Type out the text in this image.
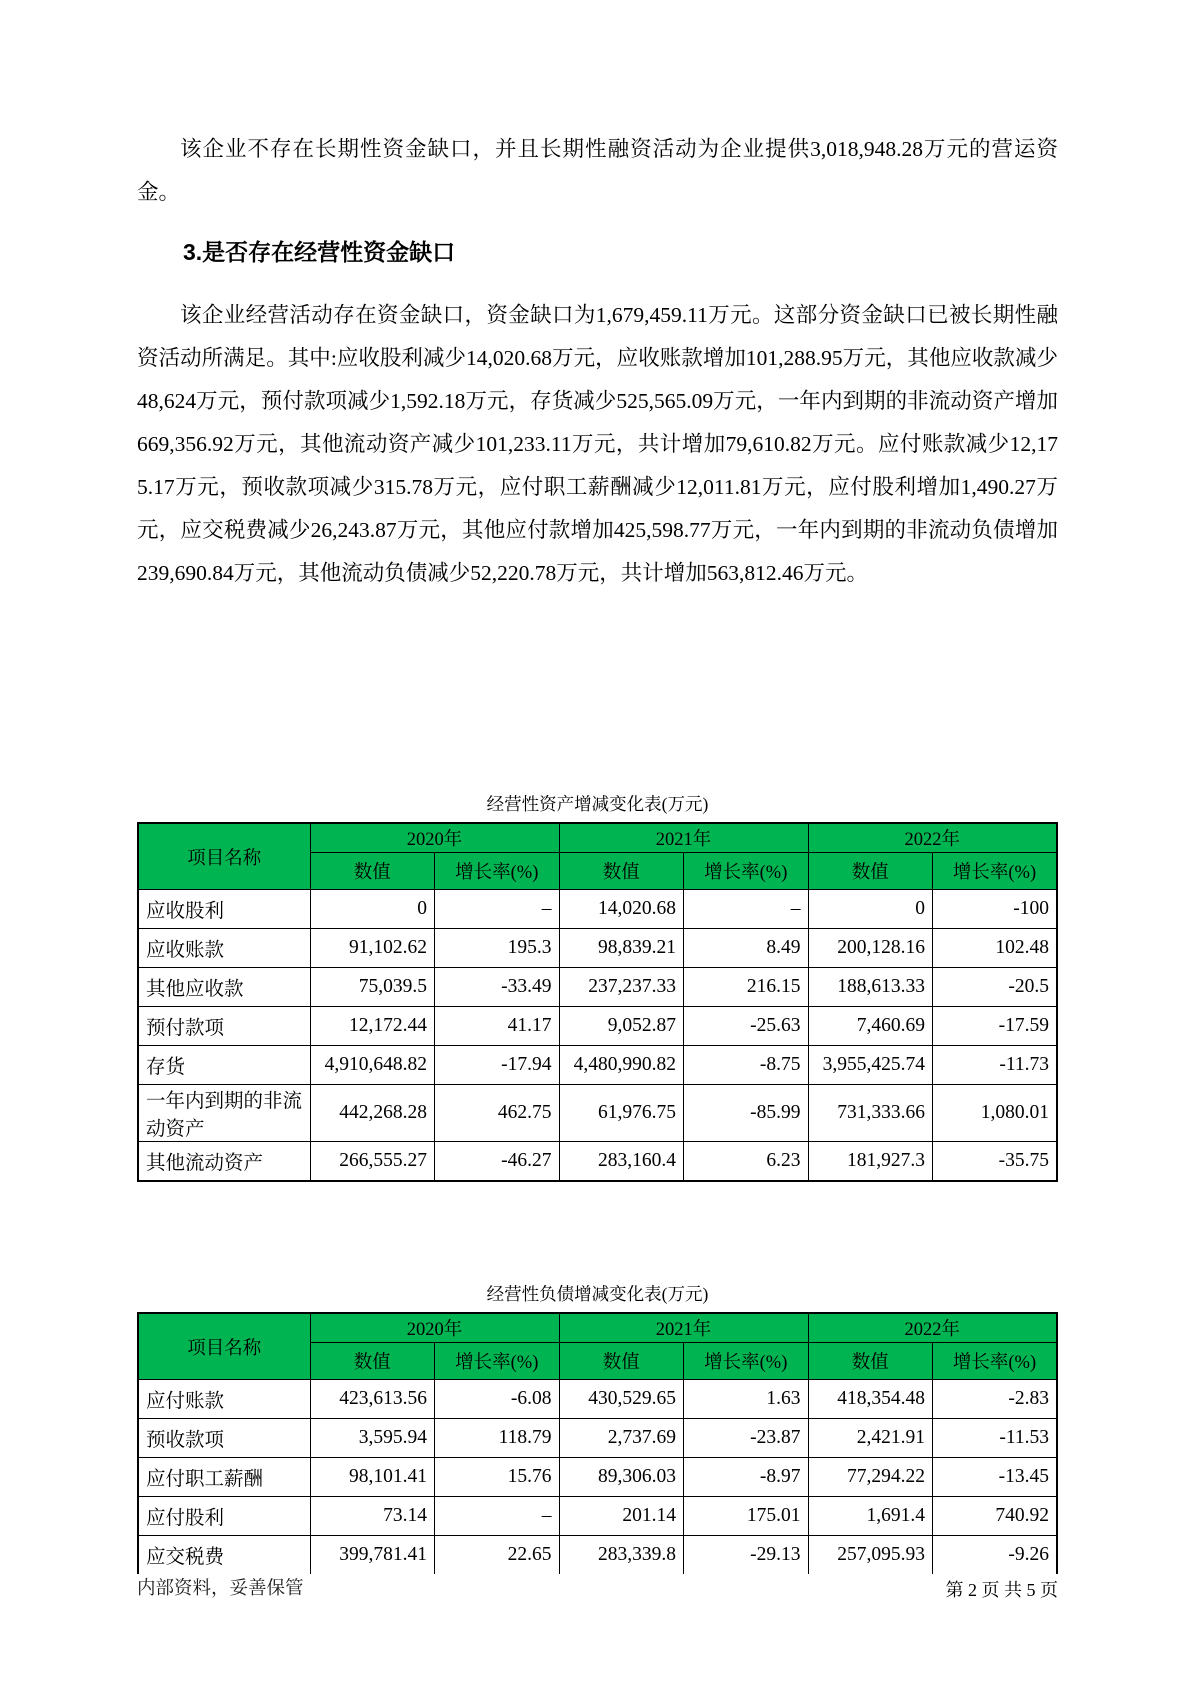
该企业不存在长期性资金缺口，并且长期性融资活动为企业提供3,018,948.28万元的营运资金。

3.是否存在经营性资金缺口

该企业经营活动存在资金缺口，资金缺口为1,679,459.11万元。这部分资金缺口已被长期性融资活动所满足。其中:应收股利减少14,020.68万元，应收账款增加101,288.95万元，其他应收款减少48,624万元，预付款项减少1,592.18万元，存货减少525,565.09万元，一年内到期的非流动资产增加669,356.92万元，其他流动资产减少101,233.11万元，共计增加79,610.82万元。应付账款减少12,175.17万元，预收款项减少315.78万元，应付职工薪酬减少12,011.81万元，应付股利增加1,490.27万元，应交税费减少26,243.87万元，其他应付款增加425,598.77万元，一年内到期的非流动负债增加239,690.84万元，其他流动负债减少52,220.78万元，共计增加563,812.46万元。

经营性资产增减变化表(万元)
项目名称	2020年		2021年		2022年	
	数值	增长率(%)	数值	增长率(%)	数值	增长率(%)
应收股利	0	–	14,020.68	–	0	-100
应收账款	91,102.62	195.3	98,839.21	8.49	200,128.16	102.48
其他应收款	75,039.5	-33.49	237,237.33	216.15	188,613.33	-20.5
预付款项	12,172.44	41.17	9,052.87	-25.63	7,460.69	-17.59
存货	4,910,648.82	-17.94	4,480,990.82	-8.75	3,955,425.74	-11.73
一年内到期的非流动资产	442,268.28	462.75	61,976.75	-85.99	731,333.66	1,080.01
其他流动资产	266,555.27	-46.27	283,160.4	6.23	181,927.3	-35.75
经营性负债增减变化表(万元)
项目名称	2020年		2021年		2022年	
	数值	增长率(%)	数值	增长率(%)	数值	增长率(%)
应付账款	423,613.56	-6.08	430,529.65	1.63	418,354.48	-2.83
预收款项	3,595.94	118.79	2,737.69	-23.87	2,421.91	-11.53
应付职工薪酬	98,101.41	15.76	89,306.03	-8.97	77,294.22	-13.45
应付股利	73.14	–	201.14	175.01	1,691.4	740.92
应交税费	399,781.41	22.65	283,339.8	-29.13	257,095.93	-9.26
内部资料，妥善保管	第 2 页 共 5 页
